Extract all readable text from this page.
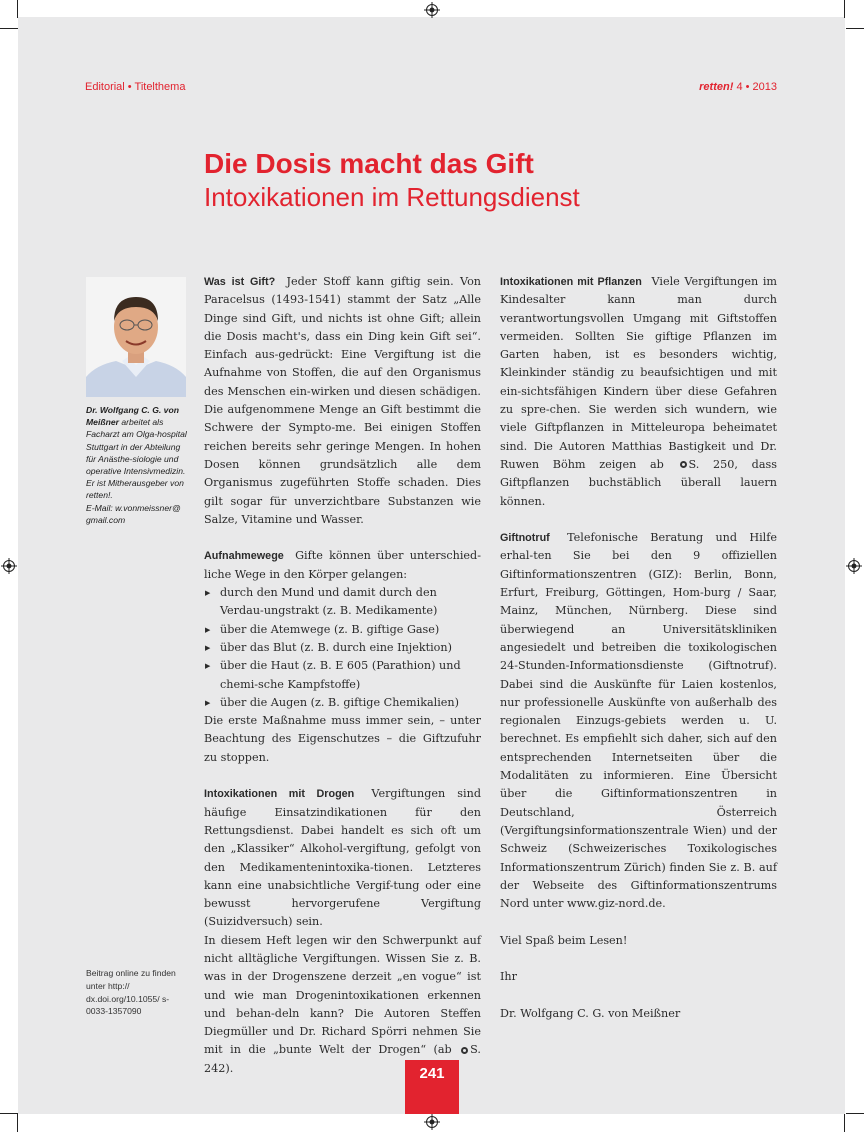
Editorial • Titelthema	retten! 4 • 2013
Die Dosis macht das Gift
Intoxikationen im Rettungsdienst
Dr. Wolfgang C. G. von Meißner arbeitet als Facharzt am Olga-hospital Stuttgart in der Abteilung für Anästhe-siologie und operative Intensivmedizin. Er ist Mitherausgeber von retten!.
E-Mail: w.vonmeissner@ gmail.com
Beitrag online zu finden unter http:// dx.doi.org/10.1055/ s-0033-1357090

Was ist Gift? Jeder Stoff kann giftig sein. Von Paracelsus (1493-1541) stammt der Satz „Alle Dinge sind Gift, und nichts ist ohne Gift; allein die Dosis macht's, dass ein Ding kein Gift sei“. Einfach aus-gedrückt: Eine Vergiftung ist die Aufnahme von Stoffen, die auf den Organismus des Menschen ein-wirken und diesen schädigen. Die aufgenommene Menge an Gift bestimmt die Schwere der Sympto-me. Bei einigen Stoffen reichen bereits sehr geringe Mengen. In hohen Dosen können grundsätzlich alle dem Organismus zugeführten Stoffe schaden. Dies gilt sogar für unverzichtbare Substanzen wie Salze, Vitamine und Wasser.

Aufnahmewege Gifte können über unterschied-liche Wege in den Körper gelangen:

▶ durch den Mund und damit durch den Verdau-ungstrakt (z. B. Medikamente)
▶ über die Atemwege (z. B. giftige Gase)
▶ über das Blut (z. B. durch eine Injektion)
▶ über die Haut (z. B. E 605 (Parathion) und chemi-sche Kampfstoffe)
▶ über die Augen (z. B. giftige Chemikalien)

Die erste Maßnahme muss immer sein, – unter Beachtung des Eigenschutzes – die Giftzufuhr zu stoppen.

Intoxikationen mit Drogen Vergiftungen sind häufige Einsatzindikationen für den Rettungsdienst. Dabei handelt es sich oft um den „Klassiker“ Alkohol-vergiftung, gefolgt von den Medikamentenintoxika-tionen. Letzteres kann eine unabsichtliche Vergif-tung oder eine bewusst hervorgerufene Vergiftung (Suizidversuch) sein.

In diesem Heft legen wir den Schwerpunkt auf nicht alltägliche Vergiftungen. Wissen Sie z. B. was in der Drogenszene derzeit „en vogue“ ist und wie man Drogenintoxikationen erkennen und behan-deln kann? Die Autoren Steffen Diegmüller und Dr. Richard Spörri nehmen Sie mit in die „bunte Welt der Drogen“ (ab S. 242).

Intoxikationen mit Pflanzen Viele Vergiftungen im Kindesalter kann man durch verantwortungsvollen Umgang mit Giftstoffen vermeiden. Sollten Sie giftige Pflanzen im Garten haben, ist es besonders wichtig, Kleinkinder ständig zu beaufsichtigen und mit ein-sichtsfähigen Kindern über diese Gefahren zu spre-chen. Sie werden sich wundern, wie viele Giftpflanzen in Mitteleuropa beheimatet sind. Die Autoren Matthias Bastigkeit und Dr. Ruwen Böhm zeigen ab S. 250, dass Giftpflanzen buchstäblich überall lauern können.

Giftnotruf Telefonische Beratung und Hilfe erhal-ten Sie bei den 9 offiziellen Giftinformationszentren (GIZ): Berlin, Bonn, Erfurt, Freiburg, Göttingen, Hom-burg / Saar, Mainz, München, Nürnberg. Diese sind überwiegend an Universitätskliniken angesiedelt und betreiben die toxikologischen 24-Stunden-Informationsdienste (Giftnotruf). Dabei sind die Auskünfte für Laien kostenlos, nur professionelle Auskünfte von außerhalb des regionalen Einzugs-gebiets werden u. U. berechnet. Es empfiehlt sich daher, sich auf den entsprechenden Internetseiten über die Modalitäten zu informieren. Eine Übersicht über die Giftinformationszentren in Deutschland, Österreich (Vergiftungsinformationszentrale Wien) und der Schweiz (Schweizerisches Toxikologisches Informationszentrum Zürich) finden Sie z. B. auf der Webseite des Giftinformationszentrums Nord unter www.giz-nord.de.

Viel Spaß beim Lesen!

Ihr

Dr. Wolfgang C. G. von Meißner

241
